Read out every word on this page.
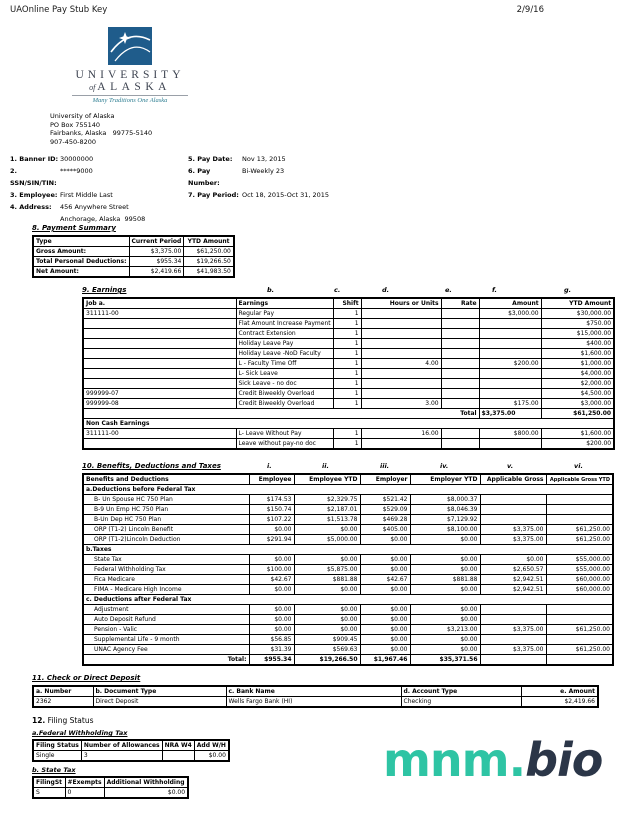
UAOnline Pay Stub Key	2/9/16
UNIVERSITY
of ALASKA
Many Traditions One Alaska
University of Alaska
PO Box 755140
Fairbanks, Alaska   99775-5140
907-450-8200
1. Banner ID: 30000000
2. SSN/SIN/TIN:
*****9000
3. Employee: First Middle Last
4. Address:	456 Anywhere Street
Anchorage, Alaska  99508
5. Pay Date:	Nov 13, 2015
6. Pay Number:
Bi-Weekly 23
7. Pay Period: Oct 18, 2015-Oct 31, 2015
8. Payment Summary
Type	Current Period	YTD Amount
Gross Amount:	$3,375.00	$61,250.00
Total Personal Deductions:	$955.34	$19,266.50
Net Amount:	$2,419.66	$41,983.50
9. Earnings	b.	c.	d.	e.	f.	g.
Job a.	Earnings	Shift	Hours or Units	Rate	Amount	YTD Amount
311111-00	Regular Pay	1			$3,000.00	$30,000.00
	Flat Amount Increase Payment	1				$750.00
	Contract Extension	1				$15,000.00
	Holiday Leave Pay	1				$400.00
	Holiday Leave -NoD Faculty	1				$1,600.00
	L - Faculty Time Off	1	4.00		$200.00	$1,000.00
	L- Sick Leave	1				$4,000.00
	Sick Leave - no doc	1				$2,000.00
999999-07	Credit Biweekly Overload	1				$4,500.00
999999-08	Credit Biweekly Overload	1	3.00		$175.00	$3,000.00
Total					$3,375.00	$61,250.00
Non Cash Earnings						
311111-00	L- Leave Without Pay	1	16.00		$800.00	$1,600.00
	Leave without pay-no doc	1				$200.00
10. Benefits, Deductions and Taxes	i.	ii.	iii.	iv.	v.	vi.
Benefits and Deductions	Employee	Employee YTD	Employer	Employer YTD	Applicable Gross	Applicable Gross YTD
a.Deductions before Federal Tax						
B- Un Spouse HC 750 Plan	$174.53	$2,329.75	$521.42	$8,000.37		
B-9 Un Emp HC 750 Plan	$150.74	$2,187.01	$529.09	$8,046.39		
B-Un Dep HC 750 Plan	$107.22	$1,513.78	$469.28	$7,129.92		
ORP (T1-2) Lincoln Benefit	$0.00	$0.00	$405.00	$8,100.00	$3,375.00	$61,250.00
ORP (T1-2)Lincoln Deduction	$291.94	$5,000.00	$0.00	$0.00	$3,375.00	$61,250.00
b.Taxes						
State Tax	$0.00	$0.00	$0.00	$0.00	$0.00	$55,000.00
Federal Withholding Tax	$100.00	$5,875.00	$0.00	$0.00	$2,650.57	$55,000.00
Fica Medicare	$42.67	$881.88	$42.67	$881.88	$2,942.51	$60,000.00
FIMA - Medicare High Income	$0.00	$0.00	$0.00	$0.00	$2,942.51	$60,000.00
c. Deductions after Federal Tax						
Adjustment	$0.00	$0.00	$0.00	$0.00		
Auto Deposit Refund	$0.00	$0.00	$0.00	$0.00		
Pension - Valic	$0.00	$0.00	$0.00	$3,213.00	$3,375.00	$61,250.00
Supplemental Life - 9 month	$56.85	$909.45	$0.00	$0.00		
UNAC Agency Fee	$31.39	$569.63	$0.00	$0.00	$3,375.00	$61,250.00
Total:	$955.34	$19,266.50	$1,967.46	$35,371.56		
11. Check or Direct Deposit
a. Number	b. Document Type	c. Bank Name	d. Account Type	e. Amount
2362	Direct Deposit	Wells Fargo Bank (HI)	Checking	$2,419.66
12. Filing Status
a.Federal Withholding Tax
Filing Status	Number of Allowances	NRA W4	Add W/H
Single	3		$0.00
b. State Tax
FilingSt	#Exempts	Additional Withholding
S	0	$0.00
mnm.bio
